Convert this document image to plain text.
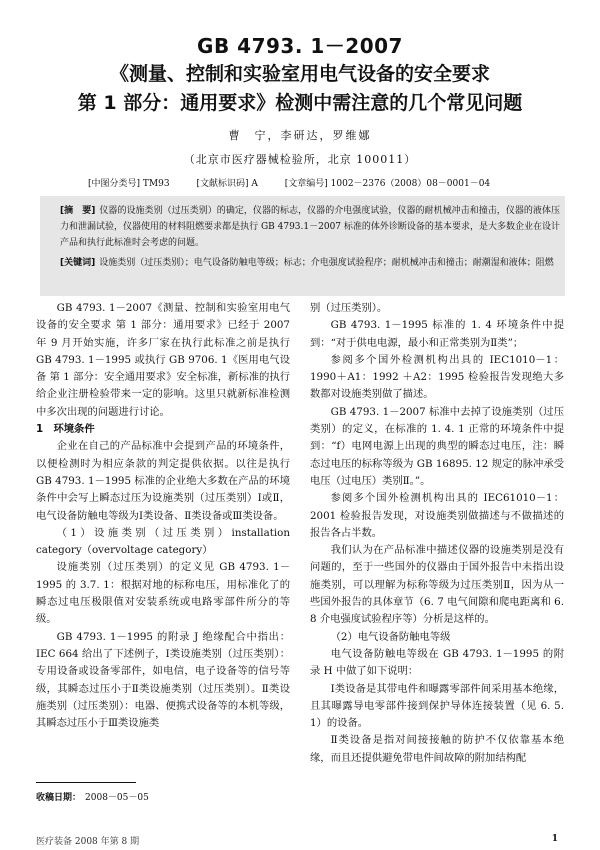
GB 4793. 1－2007
《测量、控制和实验室用电气设备的安全要求
第 1 部分：通用要求》检测中需注意的几个常见问题
曹　宁，李研达，罗维娜
（北京市医疗器械检验所，北京 100011）
[中图分类号] TM93	[文献标识码] A	[文章编号] 1002－2376（2008）08－0001－04
[摘　要] 仪器的设施类别（过压类别）的确定，仪器的标志，仪器的介电强度试验，仪器的耐机械冲击和撞击，仪器的液体压力和泄漏试验，仪器使用的材料阻燃要求都是执行 GB 4793.1－2007 标准的体外诊断设备的基本要求，是大多数企业在设计产品和执行此标准时会考虑的问题。
[关键词] 设施类别（过压类别）；电气设备防触电等级；标志；介电强度试验程序；耐机械冲击和撞击；耐潮湿和液体；阻燃

GB 4793. 1－2007《测量、控制和实验室用电气设备的安全要求 第 1 部分：通用要求》已经于 2007 年 9 月开始实施，许多厂家在执行此标准之前是执行 GB 4793. 1－1995 或执行 GB 9706. 1《医用电气设备 第 1 部分：安全通用要求》安全标准，新标准的执行给企业注册检验带来一定的影响。这里只就新标准检测中多次出现的问题进行讨论。

1　环境条件

企业在自己的产品标准中会提到产品的环境条件，以便检测时为相应条款的判定提供依据。以往是执行 GB 4793. 1－1995 标准的企业绝大多数在产品的环境条件中会写上瞬态过压为设施类别（过压类别）Ⅰ或Ⅱ，电气设备防触电等级为Ⅰ类设备、Ⅱ类设备或Ⅲ类设备。

（1）设施类别（过压类别）installation category（overvoltage category）

设施类别（过压类别）的定义见 GB 4793. 1－1995 的 3.7. 1：根据对地的标称电压，用标准化了的瞬态过电压极限值对安装系统或电路零部件所分的等级。

GB 4793. 1－1995 的附录 J 绝缘配合中指出：IEC 664 给出了下述例子，Ⅰ类设施类别（过压类别）：专用设备或设备零部件，如电信，电子设备等的信号等级，其瞬态过压小于Ⅱ类设施类别（过压类别）。Ⅱ类设施类别（过压类别）：电器、便携式设备等的本机等级，其瞬态过压小于Ⅲ类设施类

别（过压类别）。

GB 4793. 1－1995 标准的 1. 4 环境条件中提到：“对于供电电源，最小和正常类别为Ⅱ类”；

参阅多个国外检测机构出具的 IEC1010－1：1990＋A1：1992 ＋A2：1995 检验报告发现绝大多数都对设施类别做了描述。

GB 4793. 1－2007 标准中去掉了设施类别（过压类别）的定义，在标准的 1. 4. 1 正常的环境条件中提到：“f）电网电源上出现的典型的瞬态过电压，注：瞬态过电压的标称等级为 GB 16895. 12 规定的脉冲承受电压（过电压）类别Ⅱ。”。

参阅多个国外检测机构出具的 IEC61010－1：2001 检验报告发现，对设施类别做描述与不做描述的报告各占半数。

我们认为在产品标准中描述仪器的设施类别是没有问题的，至于一些国外的仪器由于国外报告中未指出设施类别，可以理解为标称等级为过压类别Ⅱ，因为从一些国外报告的具体章节（6. 7 电气间隙和爬电距离和 6. 8 介电强度试验程序等）分析是这样的。

（2）电气设备防触电等级

电气设备防触电等级在 GB 4793. 1－1995 的附录 H 中做了如下说明：

Ⅰ类设备是其带电件和曝露零部件间采用基本绝缘，且其曝露导电零部件接到保护导体连接装置（见 6. 5. 1）的设备。

Ⅱ类设备是指对间接接触的防护不仅依靠基本绝缘，而且还提供避免带电件间故障的附加结构配

收稿日期： 2008－05－05
医疗装备 2008 年第 8 期	1
